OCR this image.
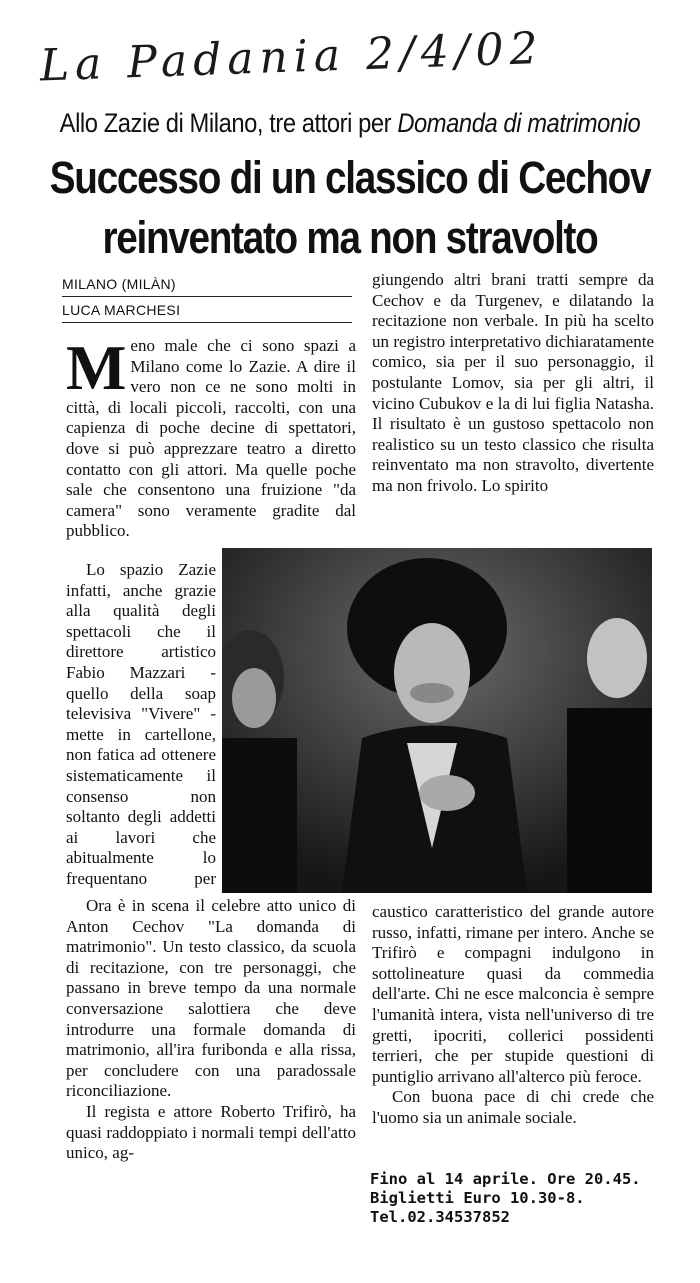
La Padania 2/4/02
Allo Zazie di Milano, tre attori per Domanda di matrimonio
Successo di un classico di Cechov
reinventato ma non stravolto
MILANO (MILÀN)
LUCA MARCHESI

Meno male che ci sono spazi a Milano come lo Zazie. A dire il vero non ce ne sono molti in città, di locali piccoli, raccolti, con una capienza di poche decine di spettatori, dove si può apprezzare teatro a diretto contatto con gli attori. Ma quelle poche sale che consentono una fruizione "da camera" sono veramente gradite dal pubblico.

Lo spazio Zazie infatti, anche grazie alla qualità degli spettacoli che il direttore artistico Fabio Mazzari - quello della soap televisiva "Vivere" - mette in cartellone, non fatica ad ottenere sistematicamente il consenso non soltanto degli addetti ai lavori che abitualmente lo frequentano per

Ora è in scena il celebre atto unico di Anton Cechov "La domanda di matrimonio". Un testo classico, da scuola di recitazione, con tre personaggi, che passano in breve tempo da una normale conversazione salottiera che deve introdurre una formale domanda di matrimonio, all'ira furibonda e alla rissa, per concludere con una paradossale riconciliazione.

Il regista e attore Roberto Trifirò, ha quasi raddoppiato i normali tempi dell'atto unico, ag-

giungendo altri brani tratti sempre da Cechov e da Turgenev, e dilatando la recitazione non verbale. In più ha scelto un registro interpretativo dichiaratamente comico, sia per il suo personaggio, il postulante Lomov, sia per gli altri, il vicino Cubukov e la di lui figlia Natasha. Il risultato è un gustoso spettacolo non realistico su un testo classico che risulta reinventato ma non stravolto, divertente ma non frivolo. Lo spirito

caustico caratteristico del grande autore russo, infatti, rimane per intero. Anche se Trifirò e compagni indulgono in sottolineature quasi da commedia dell'arte. Chi ne esce malconcia è sempre l'umanità intera, vista nell'universo di tre gretti, ipocriti, collerici possidenti terrieri, che per stupide questioni di puntiglio arrivano all'alterco più feroce.

Con buona pace di chi crede che l'uomo sia un animale sociale.

Fino al 14 aprile. Ore 20.45.
Biglietti Euro 10.30-8.
Tel.02.34537852
